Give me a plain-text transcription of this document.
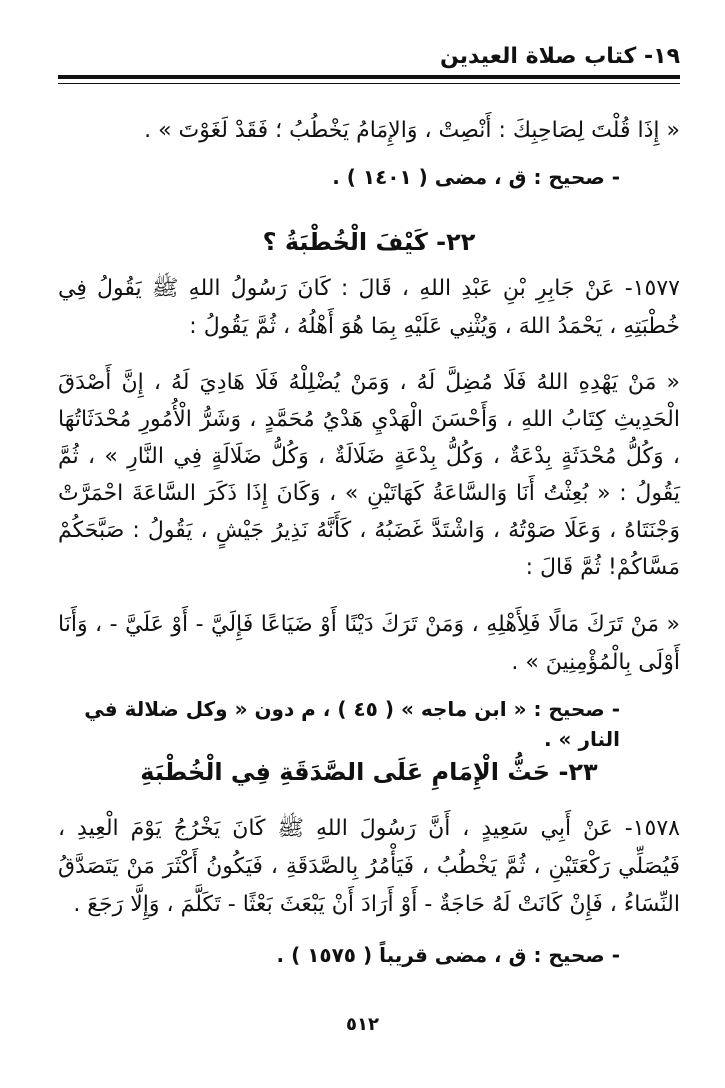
١٩- كتاب صلاة العيدين
« إِذَا قُلْتَ لِصَاحِبِكَ : أَنْصِتْ ، وَالإِمَامُ يَخْطُبُ ؛ فَقَدْ لَغَوْتَ » .
- صحيح : ق ، مضى ( ١٤٠١ ) .
٢٢- كَيْفَ الْخُطْبَةُ ؟
١٥٧٧- عَنْ جَابِرِ بْنِ عَبْدِ اللهِ ، قَالَ : كَانَ رَسُولُ اللهِ ﷺ يَقُولُ فِي خُطْبَتِهِ ، يَحْمَدُ اللهَ ، وَيُثْنِي عَلَيْهِ بِمَا هُوَ أَهْلُهُ ، ثُمَّ يَقُولُ :
« مَنْ يَهْدِهِ اللهُ فَلَا مُضِلَّ لَهُ ، وَمَنْ يُضْلِلْهُ فَلَا هَادِيَ لَهُ ، إِنَّ أَصْدَقَ الْحَدِيثِ كِتَابُ اللهِ ، وَأَحْسَنَ الْهَدْيِ هَدْيُ مُحَمَّدٍ ، وَشَرُّ الْأُمُورِ مُحْدَثَاتُهَا ، وَكُلُّ مُحْدَثَةٍ بِدْعَةٌ ، وَكُلُّ بِدْعَةٍ ضَلَالَةٌ ، وَكُلُّ ضَلَالَةٍ فِي النَّارِ » ، ثُمَّ يَقُولُ : « بُعِثْتُ أَنَا وَالسَّاعَةُ كَهَاتَيْنِ » ، وَكَانَ إِذَا ذَكَرَ السَّاعَةَ احْمَرَّتْ وَجْنَتَاهُ ، وَعَلَا صَوْتُهُ ، وَاشْتَدَّ غَضَبُهُ ، كَأَنَّهُ نَذِيرُ جَيْشٍ ، يَقُولُ : صَبَّحَكُمْ مَسَّاكُمْ! ثُمَّ قَالَ :
« مَنْ تَرَكَ مَالًا فَلِأَهْلِهِ ، وَمَنْ تَرَكَ دَيْنًا أَوْ ضَيَاعًا فَإِلَيَّ - أَوْ عَلَيَّ - ، وَأَنَا أَوْلَى بِالْمُؤْمِنِينَ » .
- صحيح : « ابن ماجه » ( ٤٥ ) ، م دون « وكل ضلالة في النار » .
٢٣- حَثُّ الْإِمَامِ عَلَى الصَّدَقَةِ فِي الْخُطْبَةِ
١٥٧٨- عَنْ أَبِي سَعِيدٍ ، أَنَّ رَسُولَ اللهِ ﷺ كَانَ يَخْرُجُ يَوْمَ الْعِيدِ ، فَيُصَلِّي رَكْعَتَيْنِ ، ثُمَّ يَخْطُبُ ، فَيَأْمُرُ بِالصَّدَقَةِ ، فَيَكُونُ أَكْثَرَ مَنْ يَتَصَدَّقُ النِّسَاءُ ، فَإِنْ كَانَتْ لَهُ حَاجَةٌ - أَوْ أَرَادَ أَنْ يَبْعَثَ بَعْثًا - تَكَلَّمَ ، وَإِلَّا رَجَعَ .
- صحيح : ق ، مضى قريباً ( ١٥٧٥ ) .
٥١٢
